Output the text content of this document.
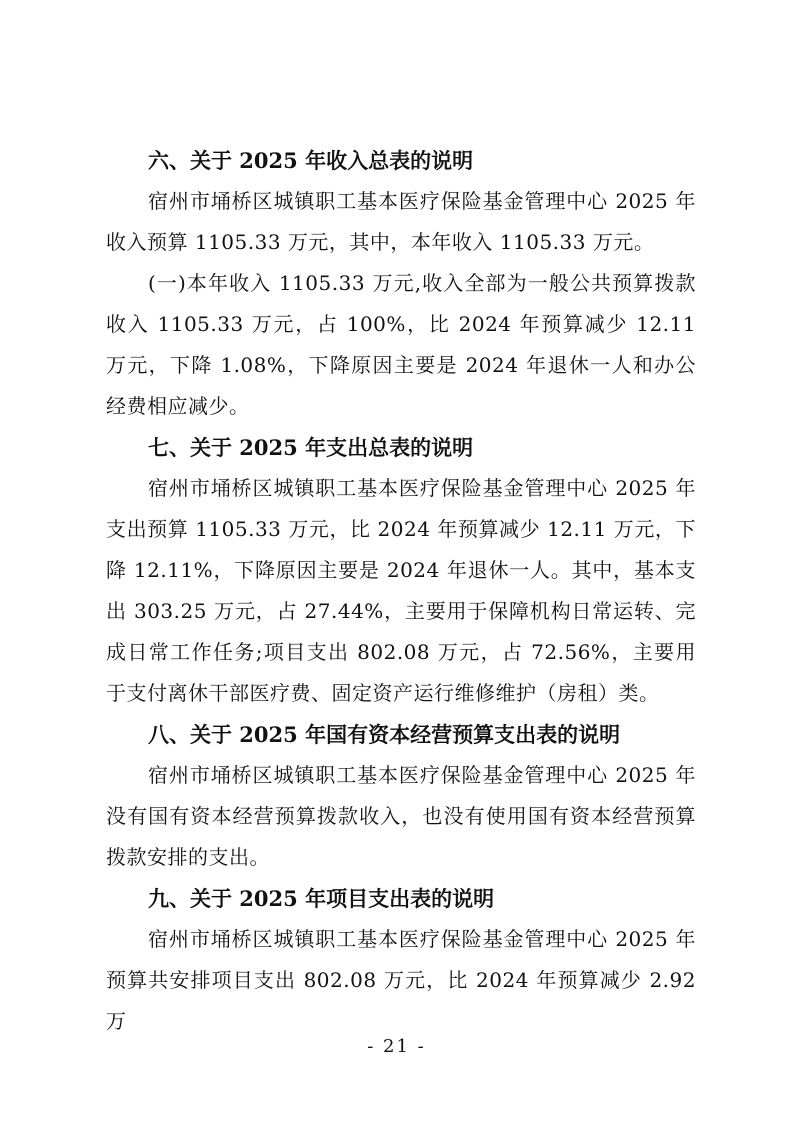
六、关于 2025 年收入总表的说明

宿州市埇桥区城镇职工基本医疗保险基金管理中心 2025 年收入预算 1105.33 万元，其中，本年收入 1105.33 万元。

(一)本年收入 1105.33 万元,收入全部为一般公共预算拨款收入 1105.33 万元，占 100%，比 2024 年预算减少 12.11 万元，下降 1.08%，下降原因主要是 2024 年退休一人和办公经费相应减少。

七、关于 2025 年支出总表的说明

宿州市埇桥区城镇职工基本医疗保险基金管理中心 2025 年支出预算 1105.33 万元，比 2024 年预算减少 12.11 万元，下降 12.11%，下降原因主要是 2024 年退休一人。其中，基本支出 303.25 万元，占 27.44%，主要用于保障机构日常运转、完成日常工作任务;项目支出 802.08 万元，占 72.56%，主要用于支付离休干部医疗费、固定资产运行维修维护（房租）类。

八、关于 2025 年国有资本经营预算支出表的说明

宿州市埇桥区城镇职工基本医疗保险基金管理中心 2025 年没有国有资本经营预算拨款收入，也没有使用国有资本经营预算拨款安排的支出。

九、关于 2025 年项目支出表的说明

宿州市埇桥区城镇职工基本医疗保险基金管理中心 2025 年预算共安排项目支出 802.08 万元，比 2024 年预算减少 2.92 万

- 21 -
